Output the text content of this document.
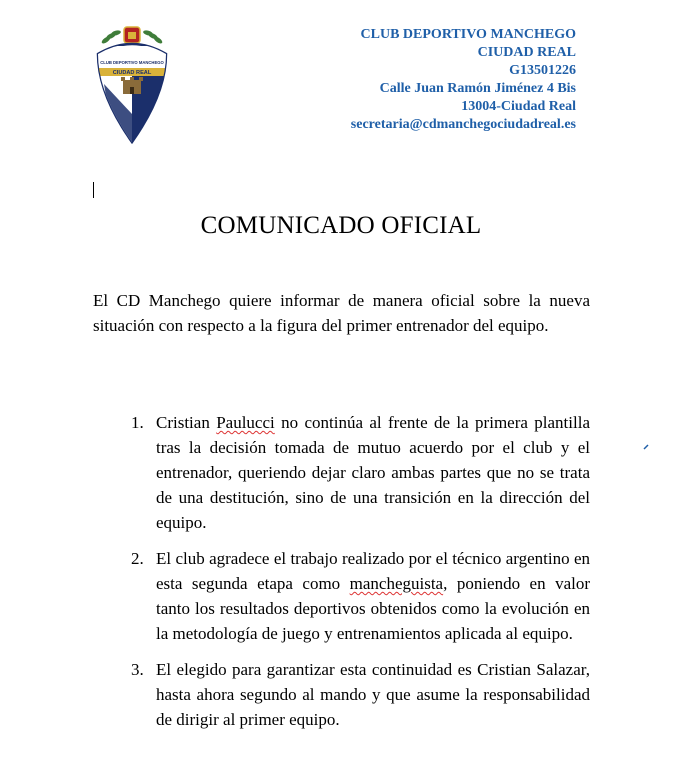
CLUB DEPORTIVO MANCHEGO
CIUDAD REAL
CLUB DEPORTIVO MANCHEGO
CIUDAD REAL
G13501226
Calle Juan Ramón Jiménez 4 Bis
13004-Ciudad Real
secretaria@cdmanchegociudadreal.es
COMUNICADO OFICIAL

El CD Manchego quiere informar de manera oficial sobre la nueva situación con respecto a la figura del primer entrenador del equipo.

1. Cristian Paulucci no continúa al frente de la primera plantilla tras la decisión tomada de mutuo acuerdo por el club y el entrenador, queriendo dejar claro ambas partes que no se trata de una destitución, sino de una transición en la dirección del equipo.
2. El club agradece el trabajo realizado por el técnico argentino en esta segunda etapa como mancheguista, poniendo en valor tanto los resultados deportivos obtenidos como la evolución en la metodología de juego y entrenamientos aplicada al equipo.
3. El elegido para garantizar esta continuidad es Cristian Salazar, hasta ahora segundo al mando y que asume la responsabilidad de dirigir al primer equipo.
